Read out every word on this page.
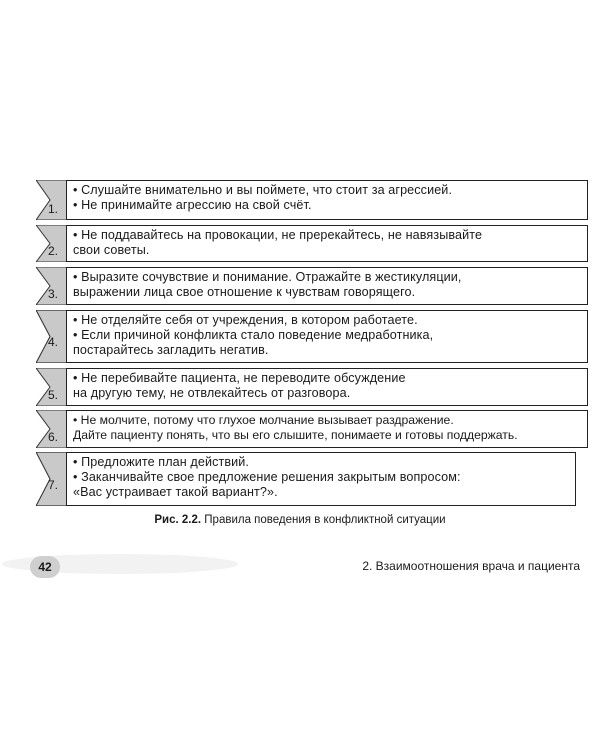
1.
• Слушайте внимательно и вы поймете, что стоит за агрессией.
• Не принимайте агрессию на свой счёт.
2.
• Не поддавайтесь на провокации, не пререкайтесь, не навязывайте
свои советы.
3.
• Выразите сочувствие и понимание. Отражайте в жестикуляции,
выражении лица свое отношение к чувствам говорящего.
4.
• Не отделяйте себя от учреждения, в котором работаете.
• Если причиной конфликта стало поведение медработника,
постарайтесь загладить негатив.
5.
• Не перебивайте пациента, не переводите обсуждение
на другую тему, не отвлекайтесь от разговора.
6.
• Не молчите, потому что глухое молчание вызывает раздражение.
Дайте пациенту понять, что вы его слышите, понимаете и готовы поддержать.
7.
• Предложите план действий.
• Заканчивайте свое предложение решения закрытым вопросом:
«Вас устраивает такой вариант?».
Рис. 2.2. Правила поведения в конфликтной ситуации
42	2. Взаимоотношения врача и пациента
